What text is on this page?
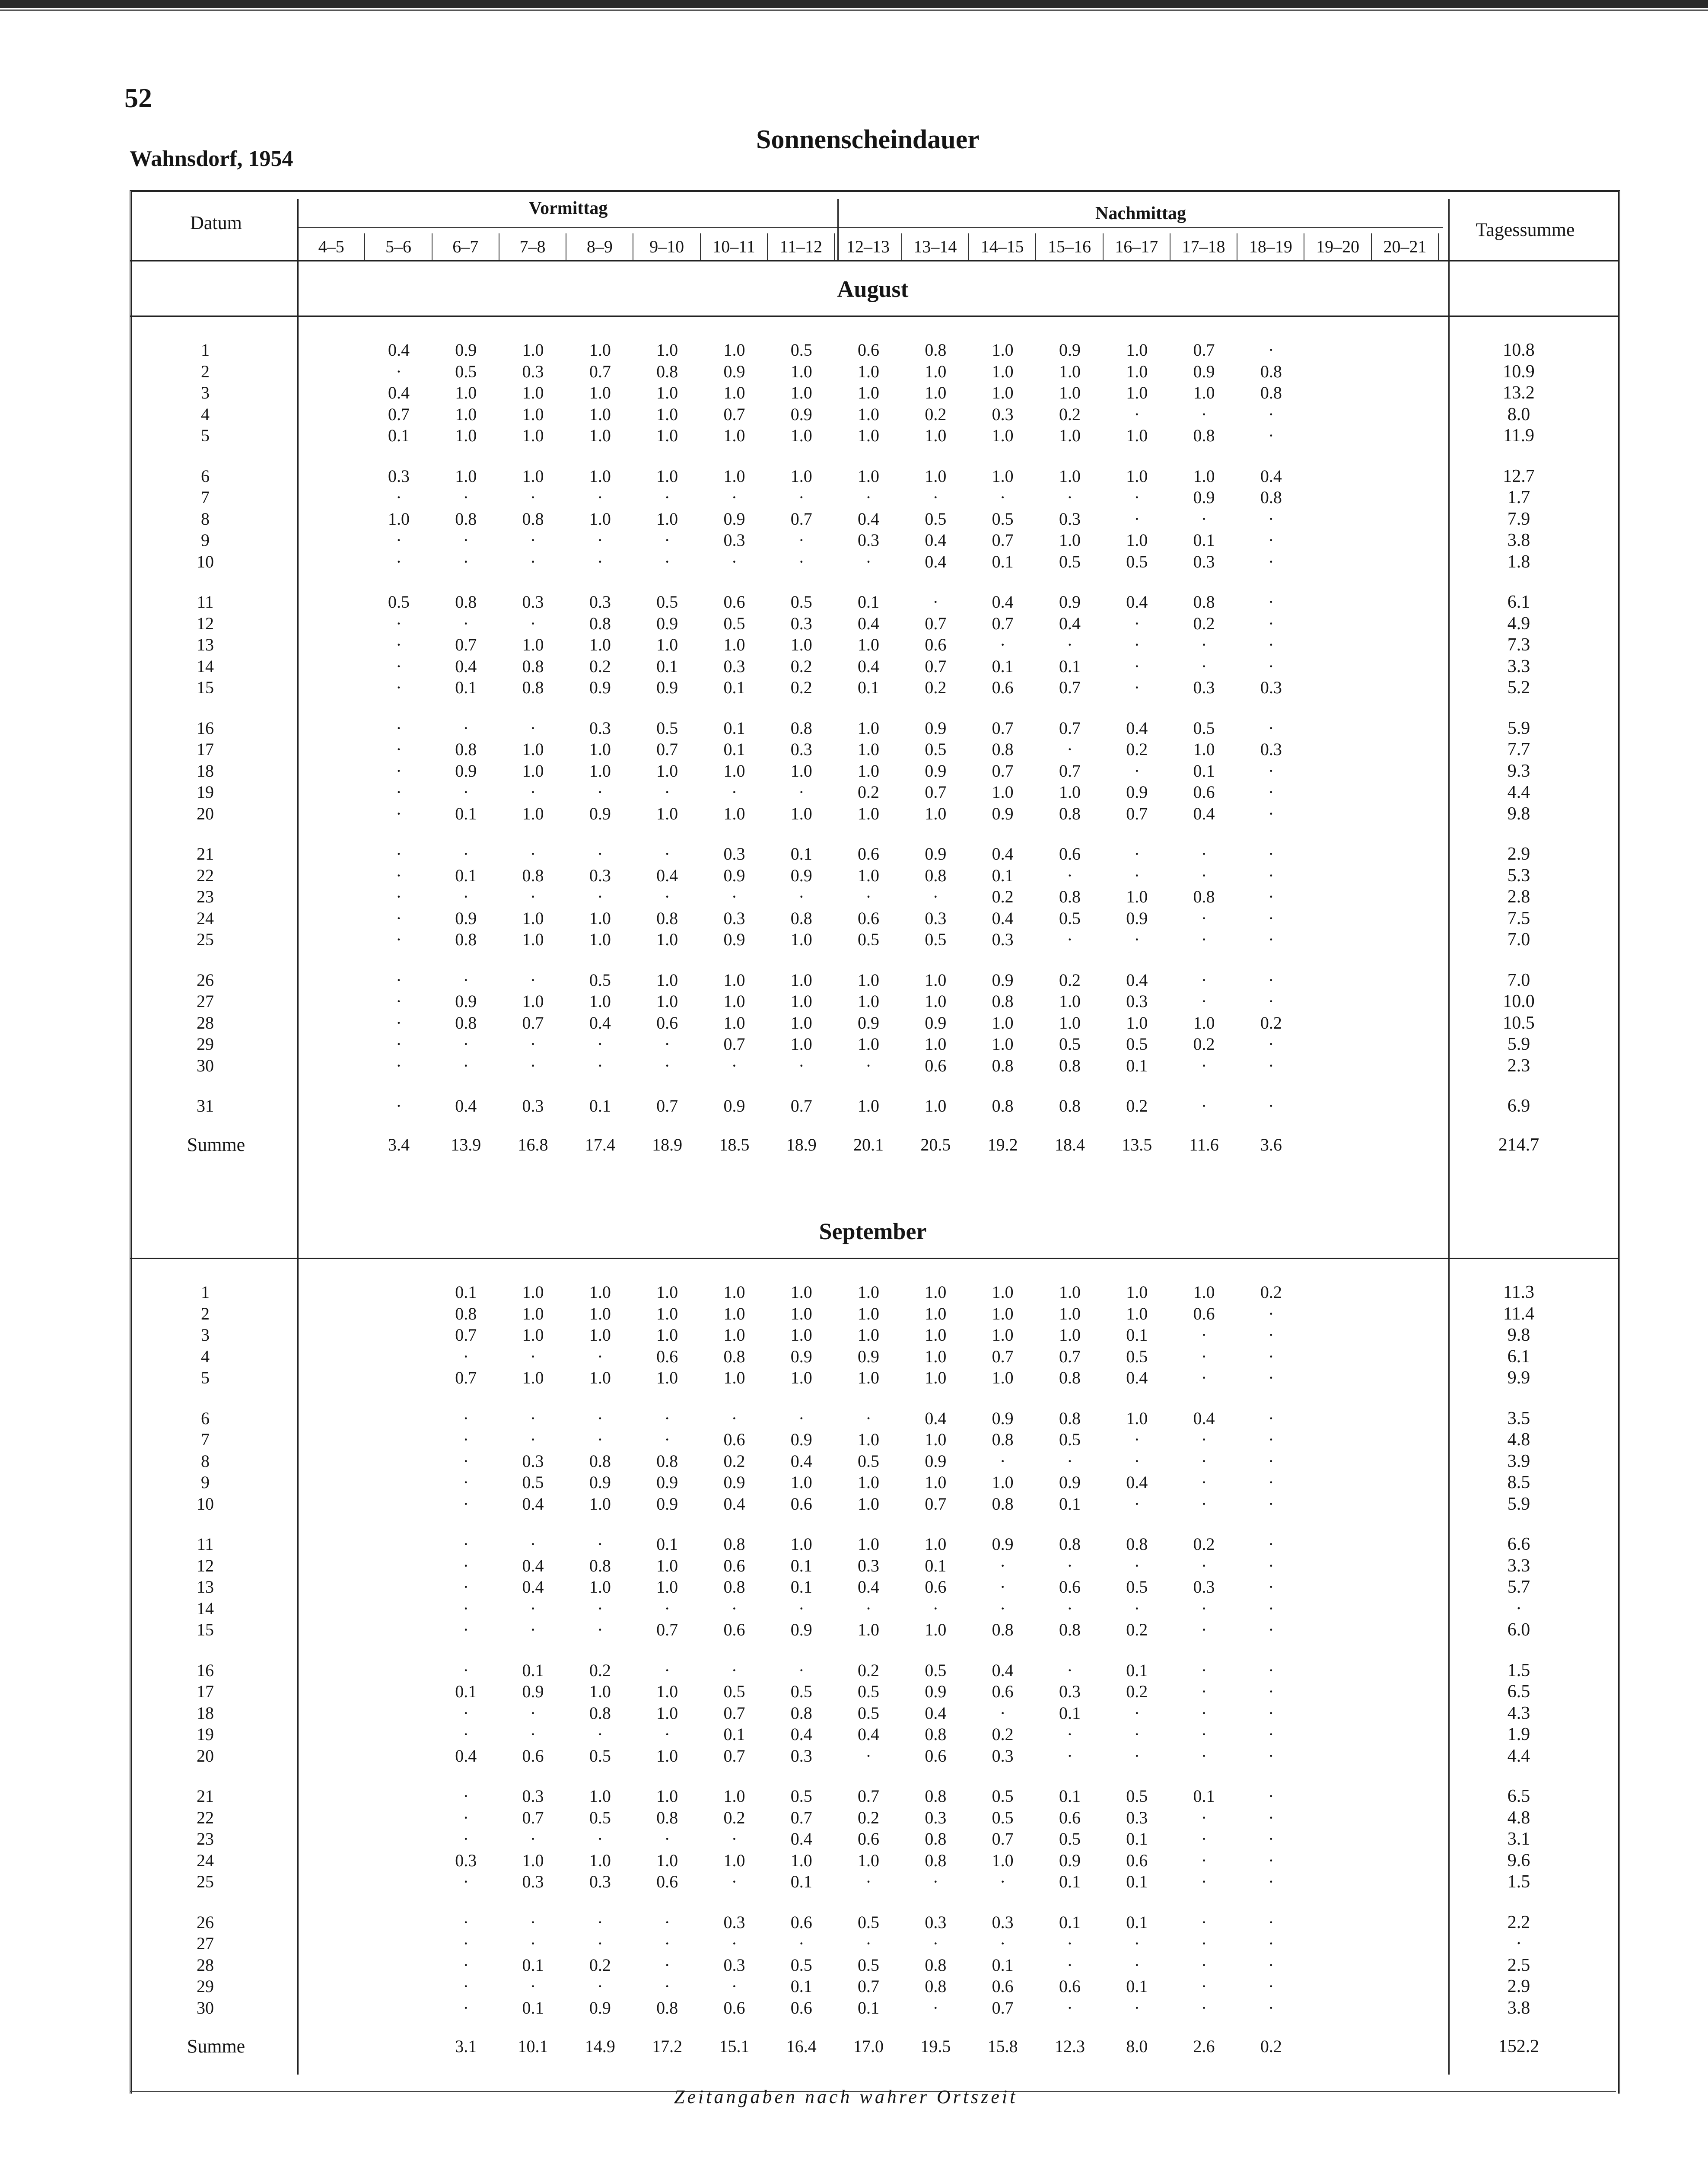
52
Wahnsdorf, 1954
Sonnenscheindauer
Datum
Vormittag	Nachmittag
Tagessumme
4–5	5–6	6–7	7–8	8–9	9–10	10–11	11–12	12–13	13–14	14–15	15–16	16–17	17–18	18–19	19–20	20–21
August
1	0.4	0.9	1.0	1.0	1.0	1.0	0.5	0.6	0.8	1.0	0.9	1.0	0.7	·	10.8
2	·	0.5	0.3	0.7	0.8	0.9	1.0	1.0	1.0	1.0	1.0	1.0	0.9	0.8	10.9
3	0.4	1.0	1.0	1.0	1.0	1.0	1.0	1.0	1.0	1.0	1.0	1.0	1.0	0.8	13.2
4	0.7	1.0	1.0	1.0	1.0	0.7	0.9	1.0	0.2	0.3	0.2	·	·	·	8.0
5	0.1	1.0	1.0	1.0	1.0	1.0	1.0	1.0	1.0	1.0	1.0	1.0	0.8	·	11.9
6	0.3	1.0	1.0	1.0	1.0	1.0	1.0	1.0	1.0	1.0	1.0	1.0	1.0	0.4	12.7
7	·	·	·	·	·	·	·	·	·	·	·	·	0.9	0.8	1.7
8	1.0	0.8	0.8	1.0	1.0	0.9	0.7	0.4	0.5	0.5	0.3	·	·	·	7.9
9	·	·	·	·	·	0.3	·	0.3	0.4	0.7	1.0	1.0	0.1	·	3.8
10	·	·	·	·	·	·	·	·	0.4	0.1	0.5	0.5	0.3	·	1.8
11	0.5	0.8	0.3	0.3	0.5	0.6	0.5	0.1	·	0.4	0.9	0.4	0.8	·	6.1
12	·	·	·	0.8	0.9	0.5	0.3	0.4	0.7	0.7	0.4	·	0.2	·	4.9
13	·	0.7	1.0	1.0	1.0	1.0	1.0	1.0	0.6	·	·	·	·	·	7.3
14	·	0.4	0.8	0.2	0.1	0.3	0.2	0.4	0.7	0.1	0.1	·	·	·	3.3
15	·	0.1	0.8	0.9	0.9	0.1	0.2	0.1	0.2	0.6	0.7	·	0.3	0.3	5.2
16	·	·	·	0.3	0.5	0.1	0.8	1.0	0.9	0.7	0.7	0.4	0.5	·	5.9
17	·	0.8	1.0	1.0	0.7	0.1	0.3	1.0	0.5	0.8	·	0.2	1.0	0.3	7.7
18	·	0.9	1.0	1.0	1.0	1.0	1.0	1.0	0.9	0.7	0.7	·	0.1	·	9.3
19	·	·	·	·	·	·	·	0.2	0.7	1.0	1.0	0.9	0.6	·	4.4
20	·	0.1	1.0	0.9	1.0	1.0	1.0	1.0	1.0	0.9	0.8	0.7	0.4	·	9.8
21	·	·	·	·	·	0.3	0.1	0.6	0.9	0.4	0.6	·	·	·	2.9
22	·	0.1	0.8	0.3	0.4	0.9	0.9	1.0	0.8	0.1	·	·	·	·	5.3
23	·	·	·	·	·	·	·	·	·	0.2	0.8	1.0	0.8	·	2.8
24	·	0.9	1.0	1.0	0.8	0.3	0.8	0.6	0.3	0.4	0.5	0.9	·	·	7.5
25	·	0.8	1.0	1.0	1.0	0.9	1.0	0.5	0.5	0.3	·	·	·	·	7.0
26	·	·	·	0.5	1.0	1.0	1.0	1.0	1.0	0.9	0.2	0.4	·	·	7.0
27	·	0.9	1.0	1.0	1.0	1.0	1.0	1.0	1.0	0.8	1.0	0.3	·	·	10.0
28	·	0.8	0.7	0.4	0.6	1.0	1.0	0.9	0.9	1.0	1.0	1.0	1.0	0.2	10.5
29	·	·	·	·	·	0.7	1.0	1.0	1.0	1.0	0.5	0.5	0.2	·	5.9
30	·	·	·	·	·	·	·	·	0.6	0.8	0.8	0.1	·	·	2.3
31	·	0.4	0.3	0.1	0.7	0.9	0.7	1.0	1.0	0.8	0.8	0.2	·	·	6.9
Summe	3.4	13.9	16.8	17.4	18.9	18.5	18.9	20.1	20.5	19.2	18.4	13.5	11.6	3.6	214.7
September
1	0.1	1.0	1.0	1.0	1.0	1.0	1.0	1.0	1.0	1.0	1.0	1.0	0.2	11.3
2	0.8	1.0	1.0	1.0	1.0	1.0	1.0	1.0	1.0	1.0	1.0	0.6	·	11.4
3	0.7	1.0	1.0	1.0	1.0	1.0	1.0	1.0	1.0	1.0	0.1	·	·	9.8
4	·	·	·	0.6	0.8	0.9	0.9	1.0	0.7	0.7	0.5	·	·	6.1
5	0.7	1.0	1.0	1.0	1.0	1.0	1.0	1.0	1.0	0.8	0.4	·	·	9.9
6	·	·	·	·	·	·	·	0.4	0.9	0.8	1.0	0.4	·	3.5
7	·	·	·	·	0.6	0.9	1.0	1.0	0.8	0.5	·	·	·	4.8
8	·	0.3	0.8	0.8	0.2	0.4	0.5	0.9	·	·	·	·	·	3.9
9	·	0.5	0.9	0.9	0.9	1.0	1.0	1.0	1.0	0.9	0.4	·	·	8.5
10	·	0.4	1.0	0.9	0.4	0.6	1.0	0.7	0.8	0.1	·	·	·	5.9
11	·	·	·	0.1	0.8	1.0	1.0	1.0	0.9	0.8	0.8	0.2	·	6.6
12	·	0.4	0.8	1.0	0.6	0.1	0.3	0.1	·	·	·	·	·	3.3
13	·	0.4	1.0	1.0	0.8	0.1	0.4	0.6	·	0.6	0.5	0.3	·	5.7
14	·	·	·	·	·	·	·	·	·	·	·	·	·	·
15	·	·	·	0.7	0.6	0.9	1.0	1.0	0.8	0.8	0.2	·	·	6.0
16	·	0.1	0.2	·	·	·	0.2	0.5	0.4	·	0.1	·	·	1.5
17	0.1	0.9	1.0	1.0	0.5	0.5	0.5	0.9	0.6	0.3	0.2	·	·	6.5
18	·	·	0.8	1.0	0.7	0.8	0.5	0.4	·	0.1	·	·	·	4.3
19	·	·	·	·	0.1	0.4	0.4	0.8	0.2	·	·	·	·	1.9
20	0.4	0.6	0.5	1.0	0.7	0.3	·	0.6	0.3	·	·	·	·	4.4
21	·	0.3	1.0	1.0	1.0	0.5	0.7	0.8	0.5	0.1	0.5	0.1	·	6.5
22	·	0.7	0.5	0.8	0.2	0.7	0.2	0.3	0.5	0.6	0.3	·	·	4.8
23	·	·	·	·	·	0.4	0.6	0.8	0.7	0.5	0.1	·	·	3.1
24	0.3	1.0	1.0	1.0	1.0	1.0	1.0	0.8	1.0	0.9	0.6	·	·	9.6
25	·	0.3	0.3	0.6	·	0.1	·	·	·	0.1	0.1	·	·	1.5
26	·	·	·	·	0.3	0.6	0.5	0.3	0.3	0.1	0.1	·	·	2.2
27	·	·	·	·	·	·	·	·	·	·	·	·	·	·
28	·	0.1	0.2	·	0.3	0.5	0.5	0.8	0.1	·	·	·	·	2.5
29	·	·	·	·	·	0.1	0.7	0.8	0.6	0.6	0.1	·	·	2.9
30	·	0.1	0.9	0.8	0.6	0.6	0.1	·	0.7	·	·	·	·	3.8
Summe	3.1	10.1	14.9	17.2	15.1	16.4	17.0	19.5	15.8	12.3	8.0	2.6	0.2	152.2
Zeitangaben nach wahrer Ortszeit
